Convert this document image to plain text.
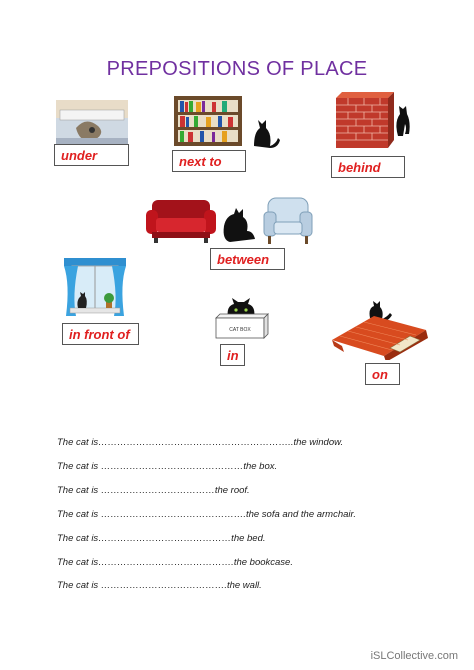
PREPOSITIONS OF PLACE
under	next to	behind
between
in front of	CAT BOX
in
on
The cat is……………………………………………………..the window.
The cat is ………………………………………the box.
The cat is ………………………………the roof.
The cat is ……………………………………….the sofa and the armchair.
The cat is……………………………………the bed.
The cat is…………………………………….the bookcase.
The cat is ………………………………….the wall.
iSLCollective.com
